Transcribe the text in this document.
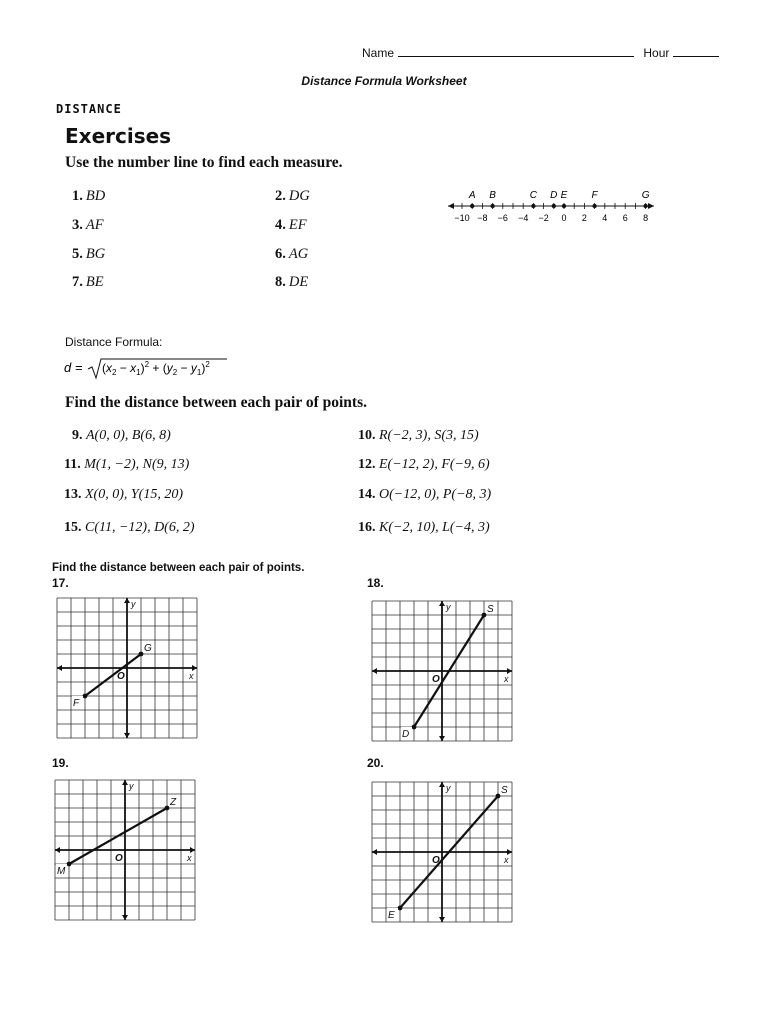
Name	Hour
Distance Formula Worksheet
DISTANCE
Exercises
Use the number line to find each measure.
1. BD	2. DG
3. AF	4. EF
5. BG	6. AG
7. BE	8. DE
−10 −8 −6 −4 −2 0 2 4 6 8
A B	C D E F	G
Distance Formula:
$d = (x_2 - x_1)^2 + (y_2 - y_1)^2$
Find the distance between each pair of points.
9. A(0, 0), B(6, 8)	10. R(−2, 3), S(3, 15)
11. M(1, −2), N(9, 13)	12. E(−12, 2), F(−9, 6)
13. X(0, 0), Y(15, 20)	14. O(−12, 0), P(−8, 3)
15. C(11, −12), D(6, 2)	16. K(−2, 10), L(−4, 3)
Find the distance between each pair of points.
17.	18.
19.	20.
x
y
O
F
G
x
y
O
D
S
x
y
O
M
Z
x
y
O
E
S
